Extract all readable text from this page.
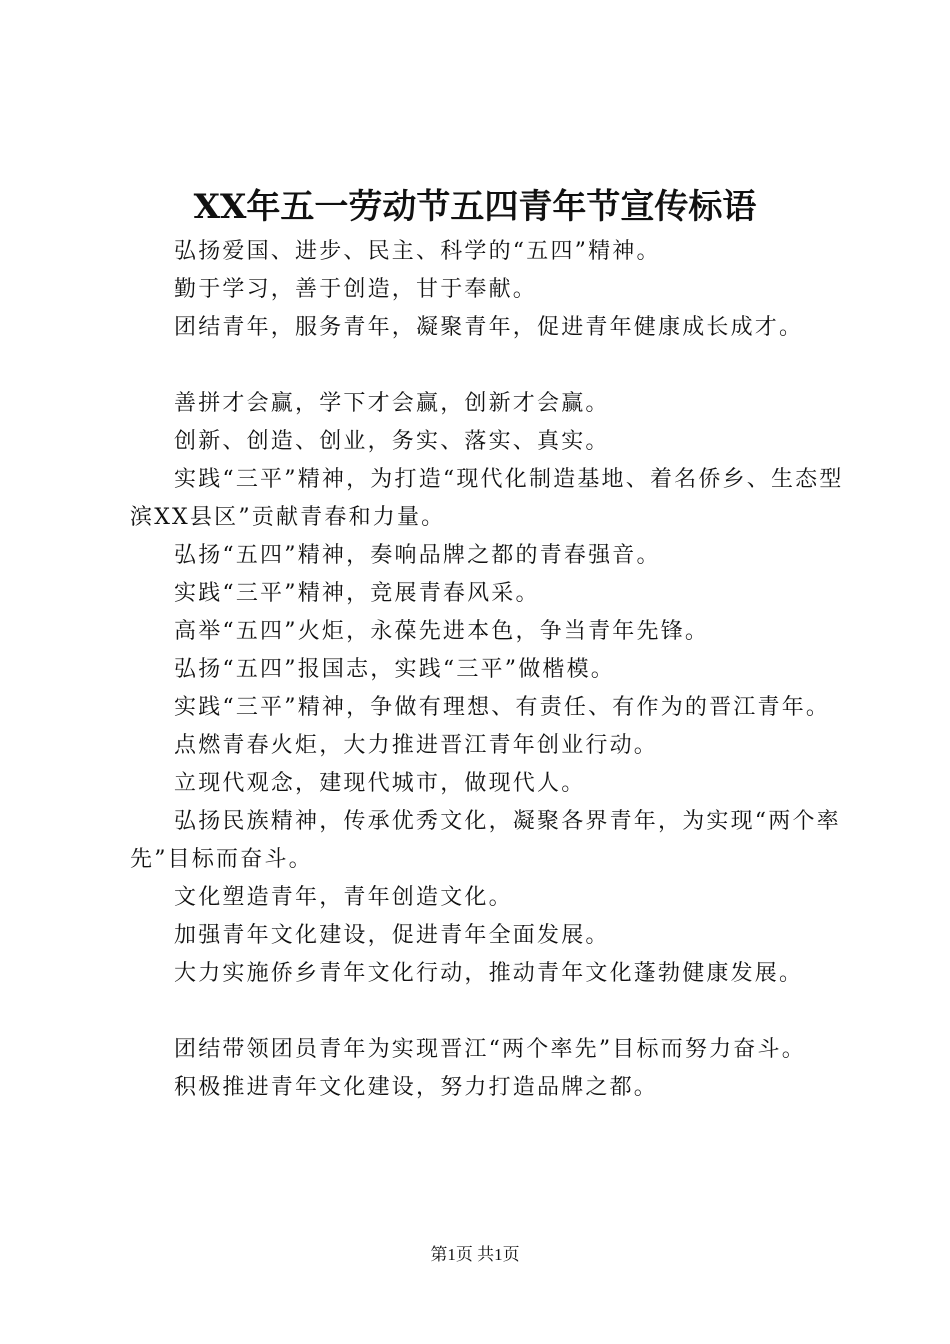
XX年五一劳动节五四青年节宣传标语

弘扬爱国、进步、民主、科学的“五四”精神。

勤于学习，善于创造，甘于奉献。

团结青年，服务青年，凝聚青年，促进青年健康成长成才。

善拼才会赢，学下才会赢，创新才会赢。

创新、创造、创业，务实、落实、真实。

实践“三平”精神，为打造“现代化制造基地、着名侨乡、生态型滨XX县区”贡献青春和力量。

弘扬“五四”精神，奏响品牌之都的青春强音。

实践“三平”精神，竞展青春风采。

高举“五四”火炬，永葆先进本色，争当青年先锋。

弘扬“五四”报国志，实践“三平”做楷模。

实践“三平”精神，争做有理想、有责任、有作为的晋江青年。

点燃青春火炬，大力推进晋江青年创业行动。

立现代观念，建现代城市，做现代人。

弘扬民族精神，传承优秀文化，凝聚各界青年，为实现“两个率先”目标而奋斗。

文化塑造青年，青年创造文化。

加强青年文化建设，促进青年全面发展。

大力实施侨乡青年文化行动，推动青年文化蓬勃健康发展。

团结带领团员青年为实现晋江“两个率先”目标而努力奋斗。

积极推进青年文化建设，努力打造品牌之都。

第1页 共1页
